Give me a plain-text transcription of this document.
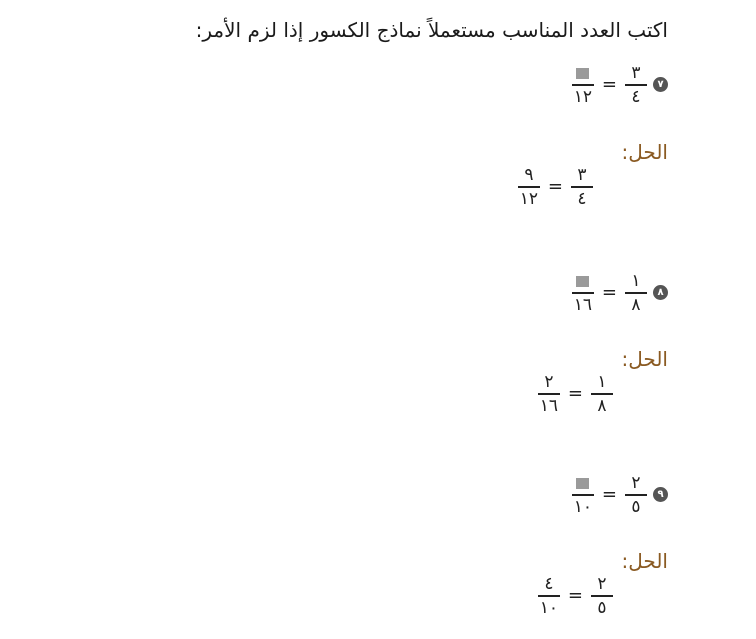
اكتب العدد المناسب مستعملاً نماذج الكسور إذا لزم الأمر:
١٢
= $\frac{٣}{٤}$	٧
الحل:
$\frac{٩}{١٢} = \frac{٣}{٤}$
١٦
= $\frac{١}{٨}$	٨
الحل:
$\frac{٢}{١٦} = \frac{١}{٨}$
١٠
= $\frac{٢}{٥}$	٩
الحل:
$\frac{٤}{١٠} = \frac{٢}{٥}$
